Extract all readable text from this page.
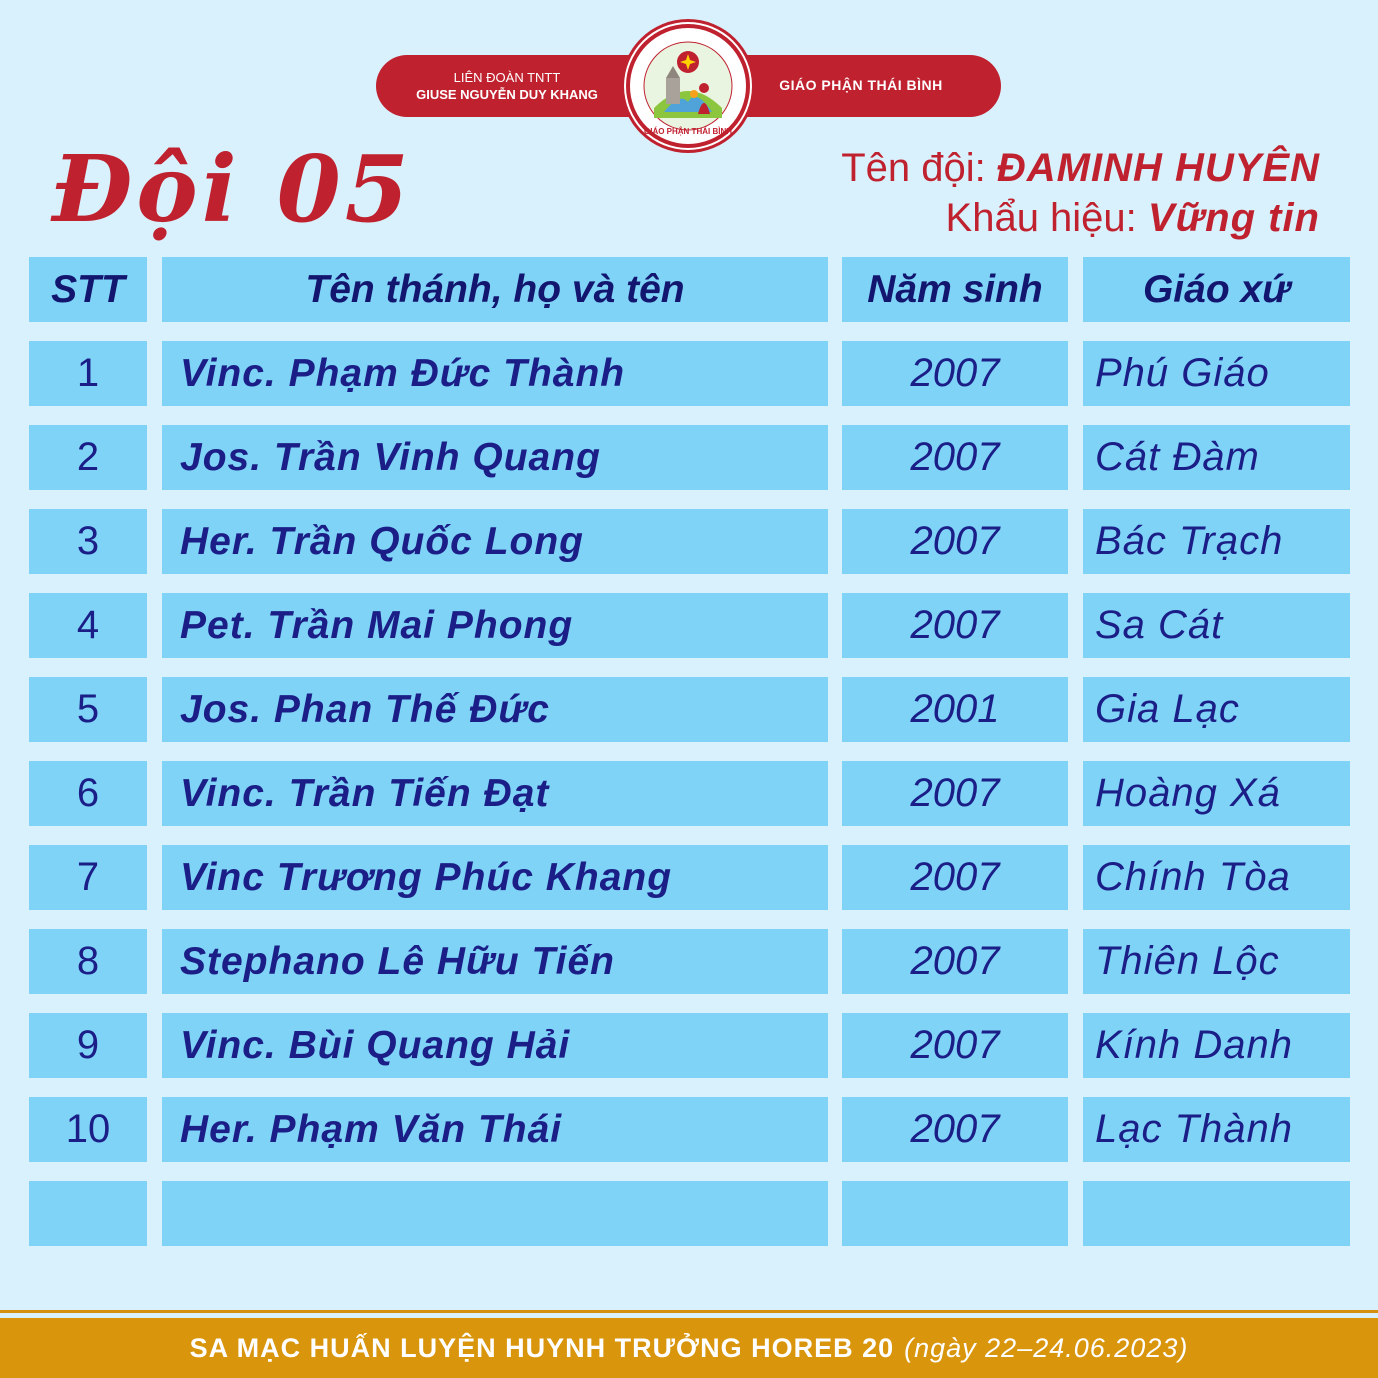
LIÊN ĐOÀN TNTT
GIUSE NGUYỄN DUY KHANG
GIÁO PHẬN THÁI BÌNH
GIÁO PHẬN THÁI BÌNH
Đội 05	Tên đội: ĐAMINH HUYÊN
Khẩu hiệu: Vững tin
STT	Tên thánh, họ và tên	Năm sinh	Giáo xứ
1	Vinc. Phạm Đức Thành	2007	Phú Giáo
2	Jos. Trần Vinh Quang	2007	Cát Đàm
3	Her. Trần Quốc Long	2007	Bác Trạch
4	Pet. Trần Mai Phong	2007	Sa Cát
5	Jos. Phan Thế Đức	2001	Gia Lạc
6	Vinc. Trần Tiến Đạt	2007	Hoàng Xá
7	Vinc Trương Phúc Khang	2007	Chính Tòa
8	Stephano Lê Hữu Tiến	2007	Thiên Lộc
9	Vinc. Bùi Quang Hải	2007	Kính Danh
10	Her. Phạm Văn Thái	2007	Lạc Thành
SA MẠC HUẤN LUYỆN HUYNH TRƯỞNG HOREB 20 (ngày 22–24.06.2023)
